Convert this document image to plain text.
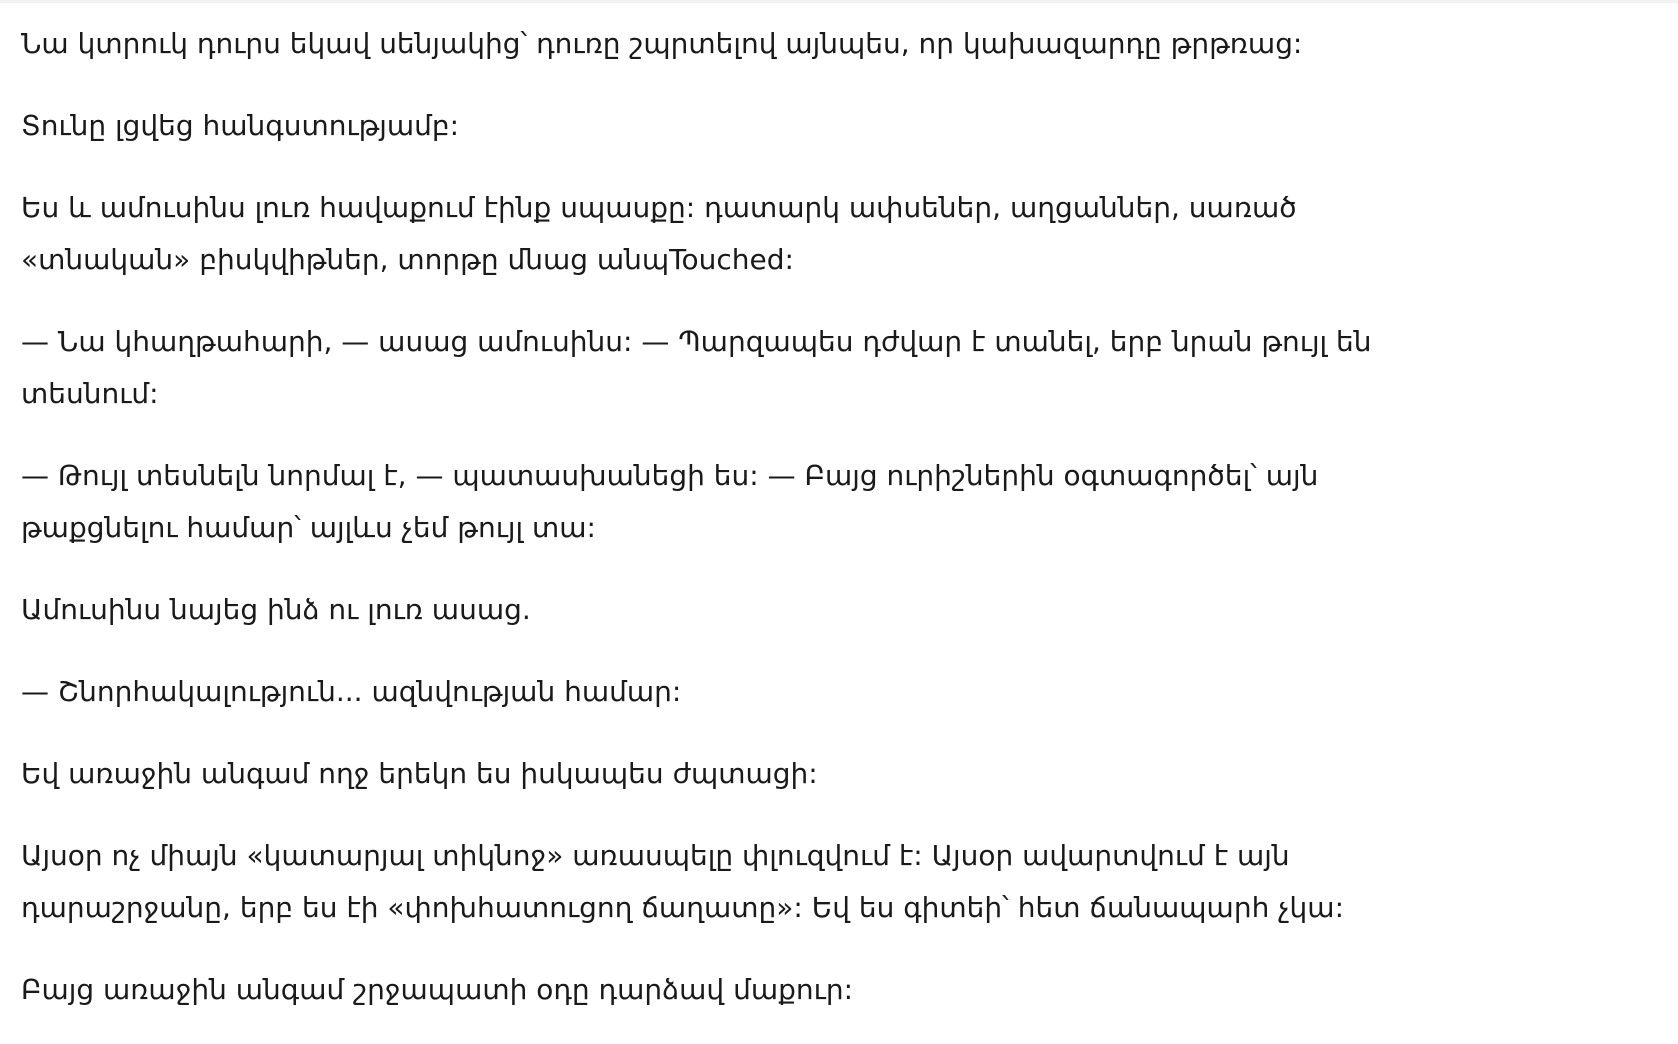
Նա կտրուկ դուրս եկավ սենյակից՝ դուռը շպրտելով այնպես, որ կախազարդը թրթռաց:

Տունը լցվեց հանգստությամբ:

Ես և ամուսինս լուռ հավաքում էինք սպասքը: դատարկ ափսեներ, աղցաններ, սառած «տնական» բիսկվիթներ, տորթը մնաց անպTouched:

— Նա կհաղթահարի, — ասաց ամուսինս: — Պարզապես դժվար է տանել, երբ նրան թույլ են տեսնում:

— Թույլ տեսնելն նորմալ է, — պատասխանեցի ես: — Բայց ուրիշներին օգտագործել՝ այն թաքցնելու համար՝ այլևս չեմ թույլ տա:

Ամուսինս նայեց ինձ ու լուռ ասաց.

— Շնորհակալություն... ազնվության համար:

Եվ առաջին անգամ ողջ երեկո ես իսկապես ժպտացի:

Այսօր ոչ միայն «կատարյալ տիկնոջ» առասպելը փլուզվում է: Այսօր ավարտվում է այն դարաշրջանը, երբ ես էի «փոխհատուցող ճաղատը»: Եվ ես գիտեի՝ հետ ճանապարհ չկա:

Բայց առաջին անգամ շրջապատի օդը դարձավ մաքուր:
